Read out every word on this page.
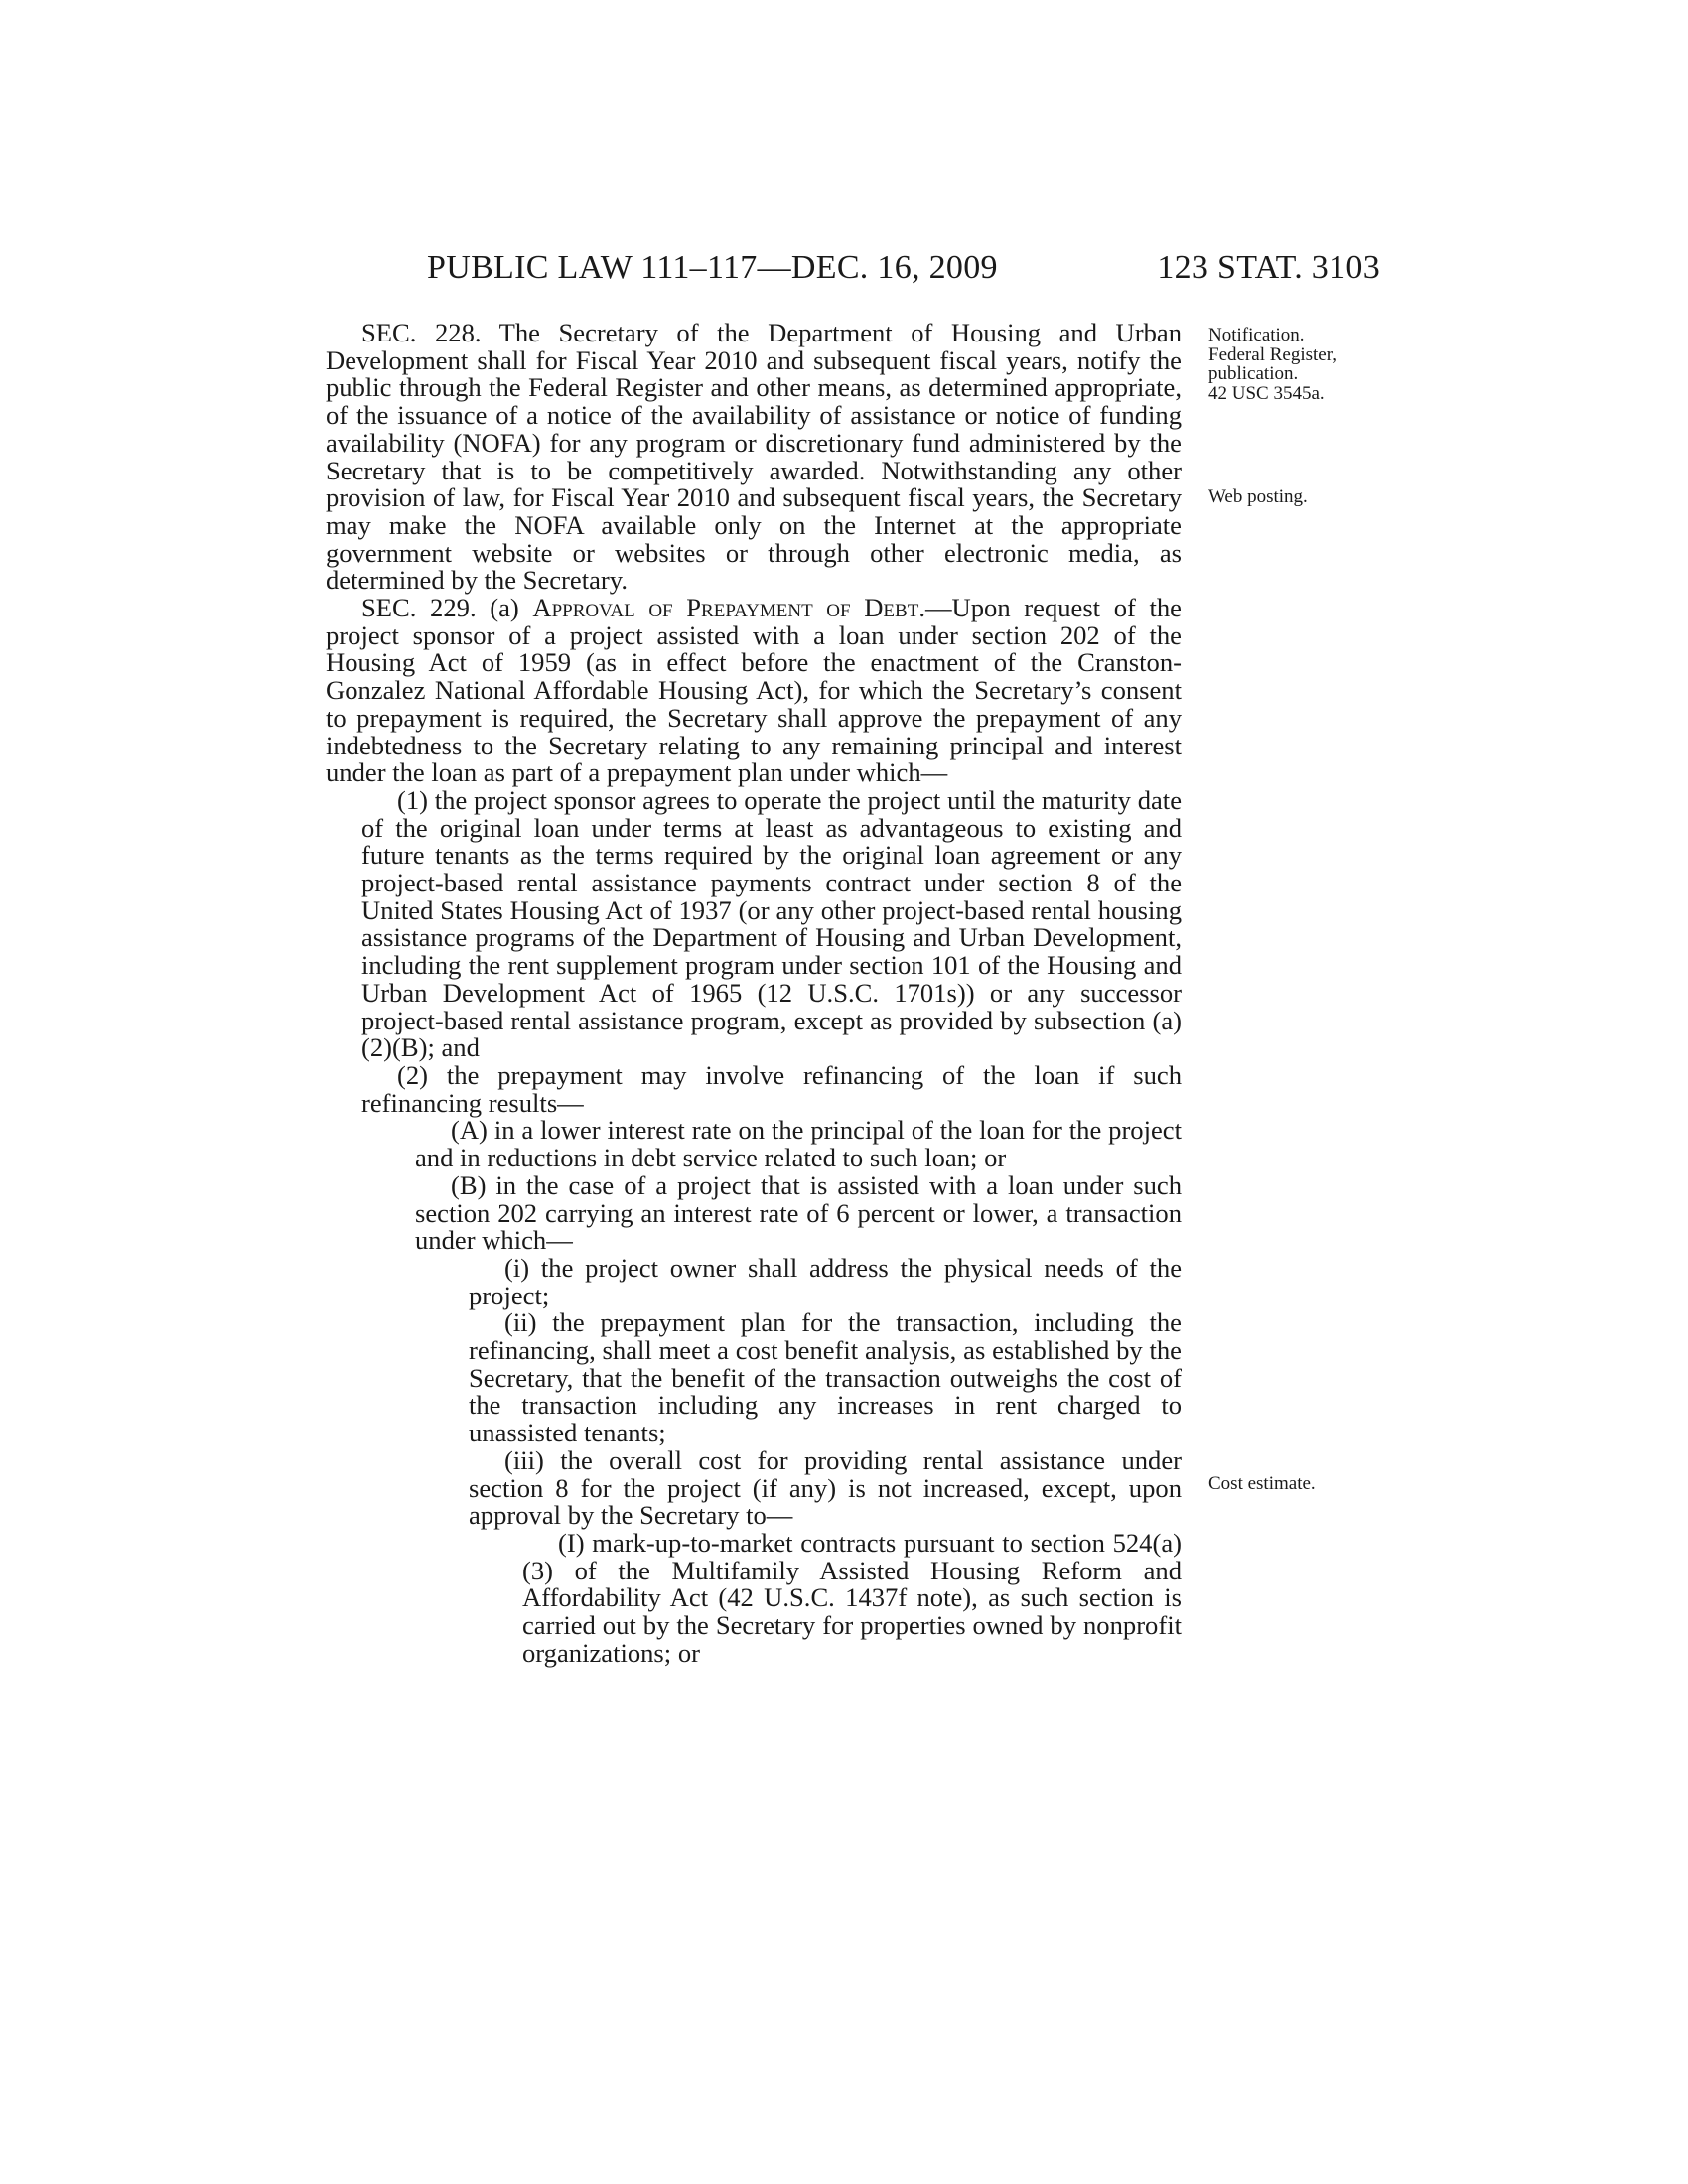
PUBLIC LAW 111–117—DEC. 16, 2009	123 STAT. 3103
Notification.
Federal Register,
publication.
42 USC 3545a.
Web posting.
Cost estimate.

SEC. 228. The Secretary of the Department of Housing and Urban Development shall for Fiscal Year 2010 and subsequent fiscal years, notify the public through the Federal Register and other means, as determined appropriate, of the issuance of a notice of the availability of assistance or notice of funding availability (NOFA) for any program or discretionary fund administered by the Secretary that is to be competitively awarded. Notwithstanding any other provision of law, for Fiscal Year 2010 and subsequent fiscal years, the Secretary may make the NOFA available only on the Internet at the appropriate government website or websites or through other electronic media, as determined by the Secretary.

SEC. 229. (a) Approval of Prepayment of Debt.—Upon request of the project sponsor of a project assisted with a loan under section 202 of the Housing Act of 1959 (as in effect before the enactment of the Cranston-Gonzalez National Affordable Housing Act), for which the Secretary’s consent to prepayment is required, the Secretary shall approve the prepayment of any indebtedness to the Secretary relating to any remaining principal and interest under the loan as part of a prepayment plan under which—

(1) the project sponsor agrees to operate the project until the maturity date of the original loan under terms at least as advantageous to existing and future tenants as the terms required by the original loan agreement or any project-based rental assistance payments contract under section 8 of the United States Housing Act of 1937 (or any other project-based rental housing assistance programs of the Department of Housing and Urban Development, including the rent supplement program under section 101 of the Housing and Urban Development Act of 1965 (12 U.S.C. 1701s)) or any successor project-based rental assistance program, except as provided by subsection (a)(2)(B); and

(2) the prepayment may involve refinancing of the loan if such refinancing results—

(A) in a lower interest rate on the principal of the loan for the project and in reductions in debt service related to such loan; or

(B) in the case of a project that is assisted with a loan under such section 202 carrying an interest rate of 6 percent or lower, a transaction under which—

(i) the project owner shall address the physical needs of the project;

(ii) the prepayment plan for the transaction, including the refinancing, shall meet a cost benefit analysis, as established by the Secretary, that the benefit of the transaction outweighs the cost of the transaction including any increases in rent charged to unassisted tenants;

(iii) the overall cost for providing rental assistance under section 8 for the project (if any) is not increased, except, upon approval by the Secretary to—

(I) mark-up-to-market contracts pursuant to section 524(a)(3) of the Multifamily Assisted Housing Reform and Affordability Act (42 U.S.C. 1437f note), as such section is carried out by the Secretary for properties owned by nonprofit organizations; or
